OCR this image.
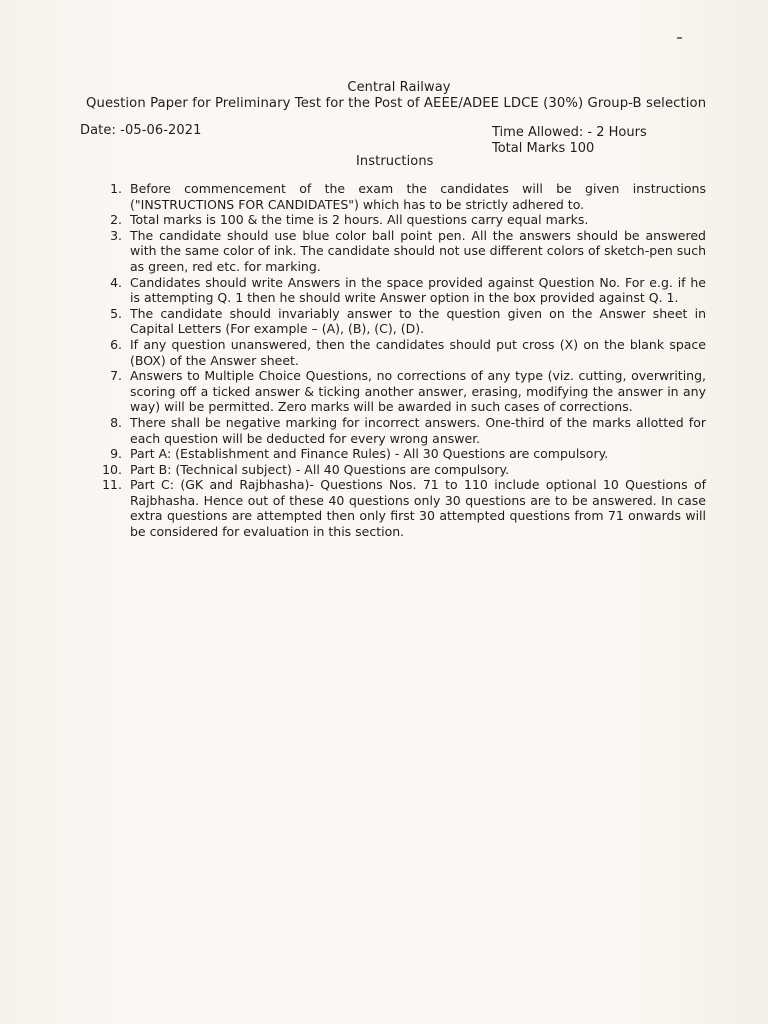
Central Railway
Question Paper for Preliminary Test for the Post of AEEE/ADEE LDCE (30%) Group-B selection
Date: -05-06-2021	Time Allowed: - 2 Hours
Total Marks 100
Instructions
1. Before commencement of the exam the candidates will be given instructions ("INSTRUCTIONS FOR CANDIDATES") which has to be strictly adhered to.
2. Total marks is 100 & the time is 2 hours. All questions carry equal marks.
3. The candidate should use blue color ball point pen. All the answers should be answered with the same color of ink. The candidate should not use different colors of sketch-pen such as green, red etc. for marking.
4. Candidates should write Answers in the space provided against Question No. For e.g. if he is attempting Q. 1 then he should write Answer option in the box provided against Q. 1.
5. The candidate should invariably answer to the question given on the Answer sheet in Capital Letters (For example – (A), (B), (C), (D).
6. If any question unanswered, then the candidates should put cross (X) on the blank space (BOX) of the Answer sheet.
7. Answers to Multiple Choice Questions, no corrections of any type (viz. cutting, overwriting, scoring off a ticked answer & ticking another answer, erasing, modifying the answer in any way) will be permitted. Zero marks will be awarded in such cases of corrections.
8. There shall be negative marking for incorrect answers. One-third of the marks allotted for each question will be deducted for every wrong answer.
9. Part A: (Establishment and Finance Rules) - All 30 Questions are compulsory.
10. Part B: (Technical subject) - All 40 Questions are compulsory.
11. Part C: (GK and Rajbhasha)- Questions Nos. 71 to 110 include optional 10 Questions of Rajbhasha. Hence out of these 40 questions only 30 questions are to be answered. In case extra questions are attempted then only first 30 attempted questions from 71 onwards will be considered for evaluation in this section.
